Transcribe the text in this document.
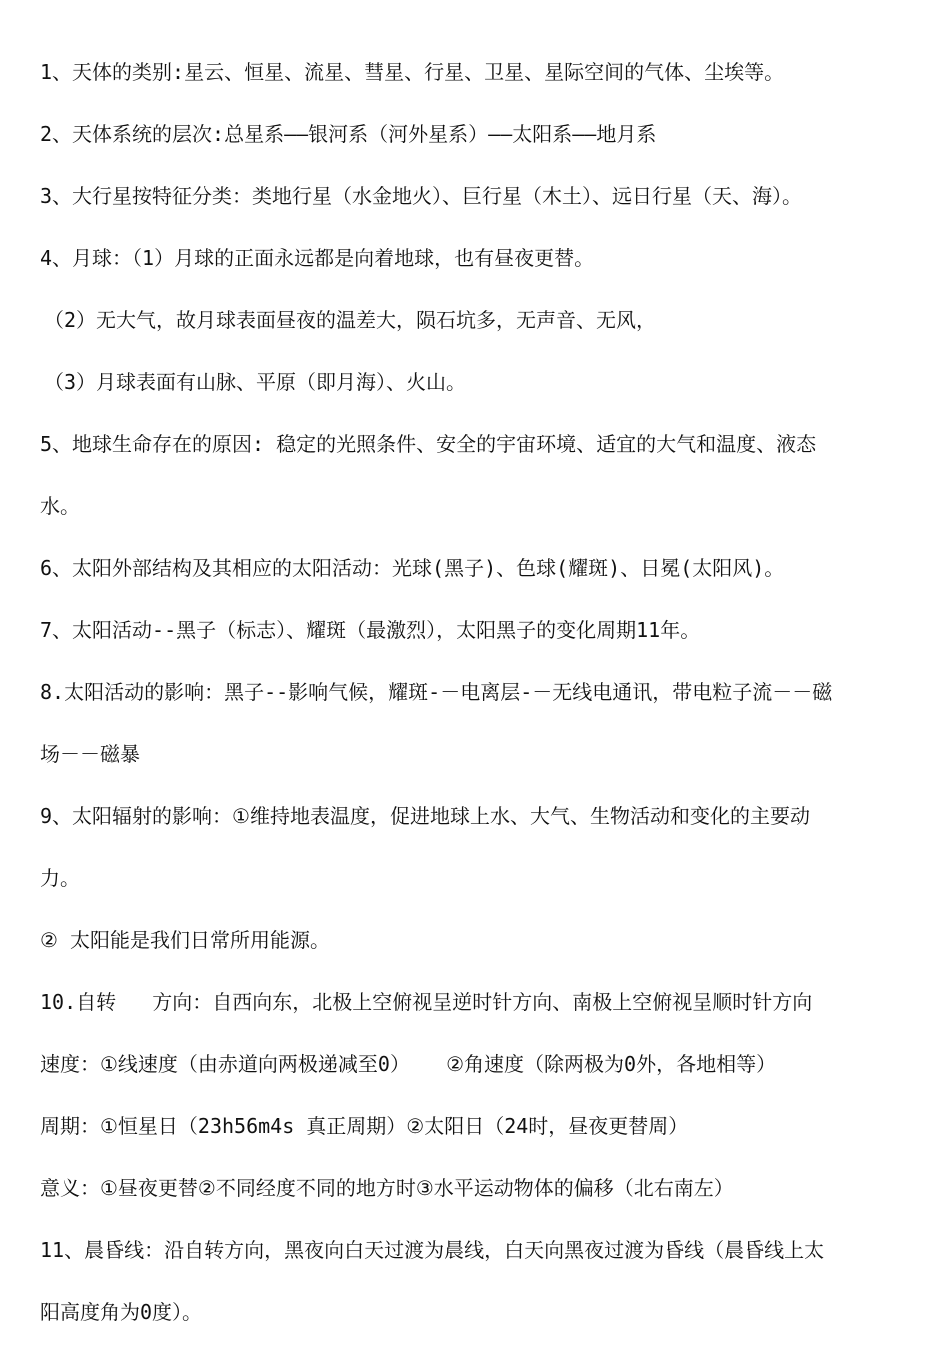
1、天体的类别:星云、恒星、流星、彗星、行星、卫星、星际空间的气体、尘埃等。
2、天体系统的层次:总星系——银河系（河外星系）——太阳系——地月系
3、大行星按特征分类：类地行星（水金地火）、巨行星（木土）、远日行星（天、海）。
4、月球：（1）月球的正面永远都是向着地球，也有昼夜更替。
（2）无大气，故月球表面昼夜的温差大，陨石坑多，无声音、无风，
（3）月球表面有山脉、平原（即月海）、火山。
5、地球生命存在的原因: 稳定的光照条件、安全的宇宙环境、适宜的大气和温度、液态
水。
6、太阳外部结构及其相应的太阳活动：光球(黑子)、色球(耀斑)、日冕(太阳风)。
7、太阳活动--黑子（标志）、耀斑（最激烈），太阳黑子的变化周期11年。
8.太阳活动的影响：黑子--影响气候，耀斑-－电离层-－无线电通讯，带电粒子流－－磁
场－－磁暴
9、太阳辐射的影响：①维持地表温度，促进地球上水、大气、生物活动和变化的主要动
力。
② 太阳能是我们日常所用能源。
10.自转   方向：自西向东，北极上空俯视呈逆时针方向、南极上空俯视呈顺时针方向
速度：①线速度（由赤道向两极递减至0）   ②角速度（除两极为0外，各地相等）
周期：①恒星日（23h56m4s 真正周期）②太阳日（24时，昼夜更替周）
意义：①昼夜更替②不同经度不同的地方时③水平运动物体的偏移（北右南左）
11、晨昏线：沿自转方向，黑夜向白天过渡为晨线，白天向黑夜过渡为昏线（晨昏线上太
阳高度角为0度）。
